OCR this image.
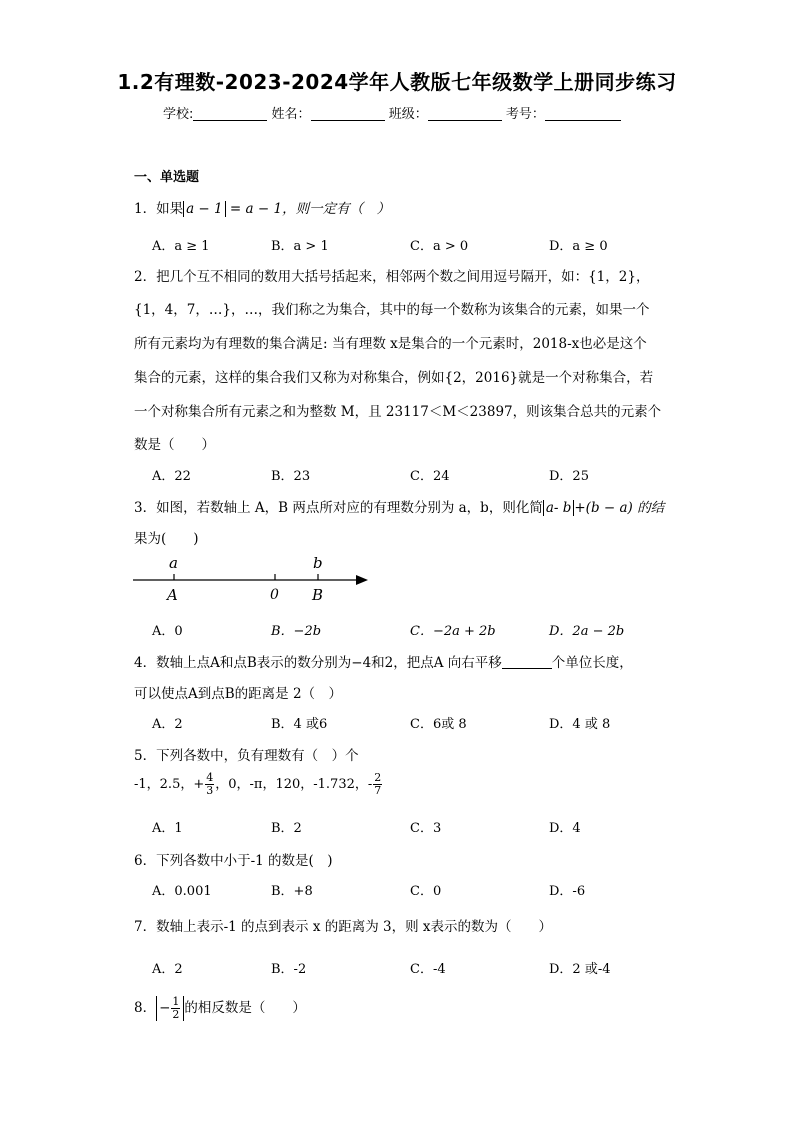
1.2有理数-2023-2024学年人教版七年级数学上册同步练习
学校:	姓名：	班级：	考号：
一、单选题
1．如果 a − 1 = a − 1，则一定有（　）
A．a ≥ 1	B．a > 1	C．a > 0	D．a ≥ 0
2．把几个互不相同的数用大括号括起来，相邻两个数之间用逗号隔开，如：{1，2}，
{1，4，7，…}，…，我们称之为集合，其中的每一个数称为该集合的元素，如果一个
所有元素均为有理数的集合满足: 当有理数 x是集合的一个元素时，2018-x也必是这个
集合的元素，这样的集合我们又称为对称集合，例如{2，2016}就是一个对称集合，若
一个对称集合所有元素之和为整数 M，且 23117＜M＜23897，则该集合总共的元素个
数是（　　）
A．22	B．23	C．24	D．25
3．如图，若数轴上 A，B 两点所对应的有理数分别为 a，b，则化简 a- b +(b − a) 的结
果为(　　)
a	b
A	0 B
A．0	B．−2b	C．−2a + 2b	D．2a − 2b
4．数轴上点A和点B表示的数分别为−4和2，把点A 向右平移	个单位长度，
可以使点A到点B的距离是 2（　）
A．2	B．4 或6	C．6或 8	D．4 或 8
5．下列各数中，负有理数有（　）个
-1，2.5，+ $\frac{4}{3}$ ，0，-π，120，-1.732，- $\frac{2}{7}$
A．1	B．2	C．3	D．4
6．下列各数中小于-1 的数是(　)
A．0.001	B．+8	C．0	D．-6
7．数轴上表示-1 的点到表示 x 的距离为 3，则 x表示的数为（　　）
A．2	B．-2	C．-4	D．2 或-4
8． − $\frac{1}{2}$ 的相反数是（　　）
